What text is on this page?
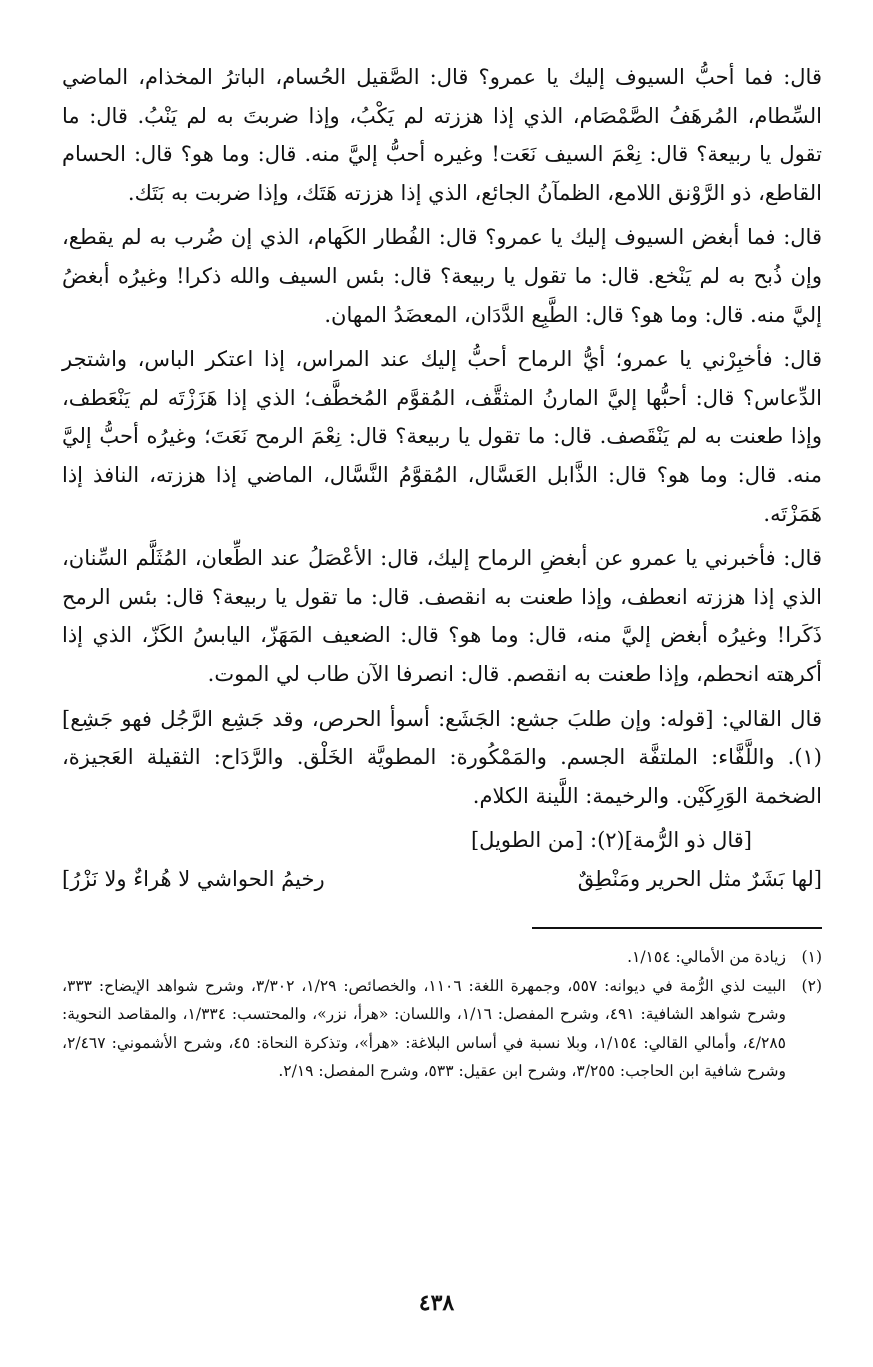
قال: فما أحبُّ السيوف إليك يا عمرو؟ قال: الصَّقيل الحُسام، الباترُ المخذام، الماضي السِّطام، المُرهَفُ الصَّمْصَام، الذي إذا هززته لم يَكْبُ، وإذا ضربتَ به لم يَنْبُ. قال: ما تقول يا ربيعة؟ قال: نِعْمَ السيف نَعَت! وغيره أحبُّ إليَّ منه. قال: وما هو؟ قال: الحسام القاطع، ذو الرَّوْنق اللامع، الظمآنُ الجائع، الذي إذا هززته هَتَك، وإذا ضربت به بَتَك.

قال: فما أبغض السيوف إليك يا عمرو؟ قال: الفُطار الكَهام، الذي إن ضُرب به لم يقطع، وإن ذُبح به لم يَنْخع. قال: ما تقول يا ربيعة؟ قال: بئس السيف والله ذكرا! وغيرُه أبغضُ إليَّ منه. قال: وما هو؟ قال: الطَّبِع الدَّدَان، المعضَدُ المهان.

قال: فأخبِرْني يا عمرو؛ أيُّ الرماح أحبُّ إليك عند المراس، إذا اعتكر الباس، واشتجر الدِّعاس؟ قال: أحبُّها إليَّ المارنُ المثقَّف، المُقوَّم المُخطَّف؛ الذي إذا هَزَزْتَه لم يَنْعَطف، وإذا طعنت به لم يَنْقَصف. قال: ما تقول يا ربيعة؟ قال: نِعْمَ الرمح نَعَتَ؛ وغيرُه أحبُّ إليَّ منه. قال: وما هو؟ قال: الذَّابل العَسَّال، المُقوَّمُ النَّسَّال، الماضي إذا هززته، النافذ إذا هَمَزْتَه.

قال: فأخبرني يا عمرو عن أبغضِ الرماح إليك، قال: الأعْصَلُ عند الطِّعان، المُثَلَّم السِّنان، الذي إذا هززته انعطف، وإذا طعنت به انقصف. قال: ما تقول يا ربيعة؟ قال: بئس الرمح ذَكَرا! وغيرُه أبغض إليَّ منه، قال: وما هو؟ قال: الضعيف المَهَزّ، اليابسُ الكَزّ، الذي إذا أكرهته انحطم، وإذا طعنت به انقصم. قال: انصرفا الآن طاب لي الموت.

قال القالي: [قوله: وإن طلبَ جشع: الجَشَع: أسوأ الحرص، وقد جَشِع الرَّجُل فهو جَشِع](١). واللَّفَّاء: الملتفَّة الجسم. والمَمْكُورة: المطويَّة الخَلْق. والرَّدَاح: الثقيلة العَجيزة، الضخمة الوَرِكَيْن. والرخيمة: اللَّينة الكلام.

[قال ذو الرُّمة](٢): [من الطويل]

[لها بَشَرٌ مثل الحرير ومَنْطِقٌ
رخيمُ الحواشي لا هُراءٌ ولا نَزْرُ]
(١)
زيادة من الأمالي: ١/١٥٤.
(٢)
البيت لذي الرُّمة في ديوانه: ٥٥٧، وجمهرة اللغة: ١١٠٦، والخصائص: ١/٢٩، ٣/٣٠٢، وشرح شواهد الإيضاح: ٣٣٣، وشرح شواهد الشافية: ٤٩١، وشرح المفصل: ١/١٦، واللسان: «هرأ، نزر»، والمحتسب: ١/٣٣٤، والمقاصد النحوية: ٤/٢٨٥، وأمالي القالي: ١/١٥٤، وبلا نسبة في أساس البلاغة: «هرأ»، وتذكرة النحاة: ٤٥، وشرح الأشموني: ٢/٤٦٧، وشرح شافية ابن الحاجب: ٣/٢٥٥، وشرح ابن عقيل: ٥٣٣، وشرح المفصل: ٢/١٩.
٤٣٨
